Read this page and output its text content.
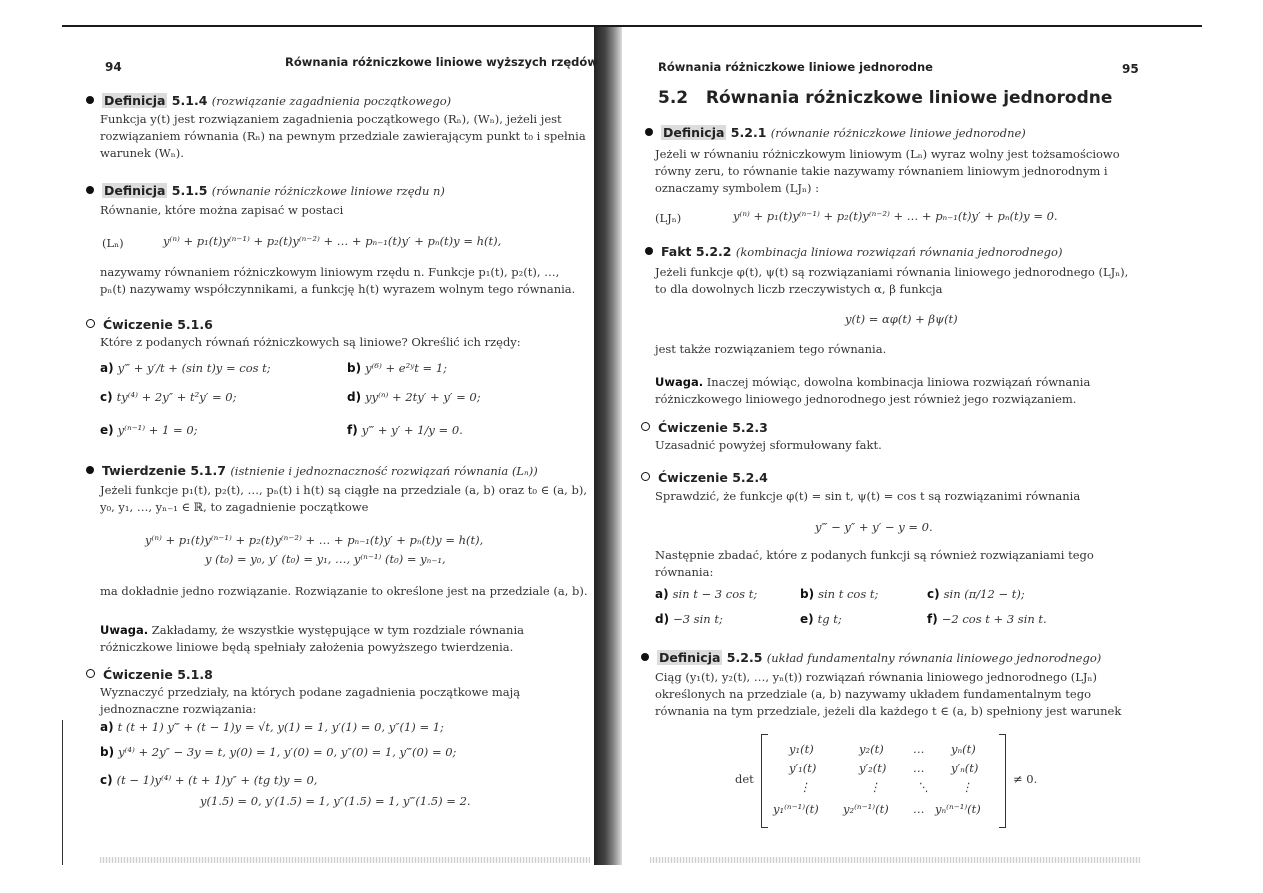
94	Równania różniczkowe liniowe wyższych rzędów
Definicja 5.1.4 (rozwiązanie zagadnienia początkowego)
Funkcja y(t) jest rozwiązaniem zagadnienia początkowego (Rₙ), (Wₙ), jeżeli jest rozwiązaniem równania (Rₙ) na pewnym przedziale zawierającym punkt t₀ i spełnia warunek (Wₙ).
Definicja 5.1.5 (równanie różniczkowe liniowe rzędu n)
Równanie, które można zapisać w postaci
(Lₙ)	y⁽ⁿ⁾ + p₁(t)y⁽ⁿ⁻¹⁾ + p₂(t)y⁽ⁿ⁻²⁾ + … + pₙ₋₁(t)y′ + pₙ(t)y = h(t),
nazywamy równaniem różniczkowym liniowym rzędu n. Funkcje p₁(t), p₂(t), …, pₙ(t) nazywamy współczynnikami, a funkcję h(t) wyrazem wolnym tego równania.
Ćwiczenie 5.1.6
Które z podanych równań różniczkowych są liniowe? Określić ich rzędy:
a) y‴ + y′/t + (sin t)y = cos t;	b) y⁽⁶⁾ + e²ʸt = 1;
c) ty⁽⁴⁾ + 2y″ + t²y′ = 0;	d) yy⁽ⁿ⁾ + 2ty′ + y′ = 0;
e) y⁽ⁿ⁻¹⁾ + 1 = 0;	f) y‴ + y′ + 1/y = 0.
Twierdzenie 5.1.7 (istnienie i jednoznaczność rozwiązań równania (Lₙ))
Jeżeli funkcje p₁(t), p₂(t), …, pₙ(t) i h(t) są ciągłe na przedziale (a, b) oraz t₀ ∈ (a, b), y₀, y₁, …, yₙ₋₁ ∈ ℝ, to zagadnienie początkowe
y⁽ⁿ⁾ + p₁(t)y⁽ⁿ⁻¹⁾ + p₂(t)y⁽ⁿ⁻²⁾ + … + pₙ₋₁(t)y′ + pₙ(t)y = h(t),
y (t₀) = y₀, y′ (t₀) = y₁, …, y⁽ⁿ⁻¹⁾ (t₀) = yₙ₋₁,
ma dokładnie jedno rozwiązanie. Rozwiązanie to określone jest na przedziale (a, b).
Uwaga. Zakładamy, że wszystkie występujące w tym rozdziale równania różniczkowe liniowe będą spełniały założenia powyższego twierdzenia.
Ćwiczenie 5.1.8
Wyznaczyć przedziały, na których podane zagadnienia początkowe mają jednoznaczne rozwiązania:
a) t (t + 1) y‴ + (t − 1)y = √t, y(1) = 1, y′(1) = 0, y″(1) = 1;
b) y⁽⁴⁾ + 2y″ − 3y = t, y(0) = 1, y′(0) = 0, y″(0) = 1, y‴(0) = 0;
c) (t − 1)y⁽⁴⁾ + (t + 1)y″ + (tg t)y = 0,
y(1.5) = 0, y′(1.5) = 1, y″(1.5) = 1, y‴(1.5) = 2.
Równania różniczkowe liniowe jednorodne	95
5.2 Równania różniczkowe liniowe jednorodne
Definicja 5.2.1 (równanie różniczkowe liniowe jednorodne)
Jeżeli w równaniu różniczkowym liniowym (Lₙ) wyraz wolny jest tożsamościowo równy zeru, to równanie takie nazywamy równaniem liniowym jednorodnym i oznaczamy symbolem (LJₙ) :
(LJₙ)	y⁽ⁿ⁾ + p₁(t)y⁽ⁿ⁻¹⁾ + p₂(t)y⁽ⁿ⁻²⁾ + … + pₙ₋₁(t)y′ + pₙ(t)y = 0.
Fakt 5.2.2 (kombinacja liniowa rozwiązań równania jednorodnego)
Jeżeli funkcje φ(t), ψ(t) są rozwiązaniami równania liniowego jednorodnego (LJₙ), to dla dowolnych liczb rzeczywistych α, β funkcja
y(t) = αφ(t) + βψ(t)
jest także rozwiązaniem tego równania.
Uwaga. Inaczej mówiąc, dowolna kombinacja liniowa rozwiązań równania różniczkowego liniowego jednorodnego jest również jego rozwiązaniem.
Ćwiczenie 5.2.3
Uzasadnić powyżej sformułowany fakt.
Ćwiczenie 5.2.4
Sprawdzić, że funkcje φ(t) = sin t, ψ(t) = cos t są rozwiązanimi równania
y‴ − y″ + y′ − y = 0.
Następnie zbadać, które z podanych funkcji są również rozwiązaniami tego równania:
a) sin t − 3 cos t;	b) sin t cos t;	c) sin (π/12 − t);
d) −3 sin t;	e) tg t;	f) −2 cos t + 3 sin t.
Definicja 5.2.5 (układ fundamentalny równania liniowego jednorodnego)
Ciąg (y₁(t), y₂(t), …, yₙ(t)) rozwiązań równania liniowego jednorodnego (LJₙ) określonych na przedziale (a, b) nazywamy układem fundamentalnym tego równania na tym przedziale, jeżeli dla każdego t ∈ (a, b) spełniony jest warunek
det
y₁(t)	y₂(t)	… yₙ(t)
y′₁(t)	y′₂(t) … y′ₙ(t)
⋮	⋮	⋱	⋮
y₁⁽ⁿ⁻¹⁾(t) y₂⁽ⁿ⁻¹⁾(t) … yₙ⁽ⁿ⁻¹⁾(t)
≠ 0.
